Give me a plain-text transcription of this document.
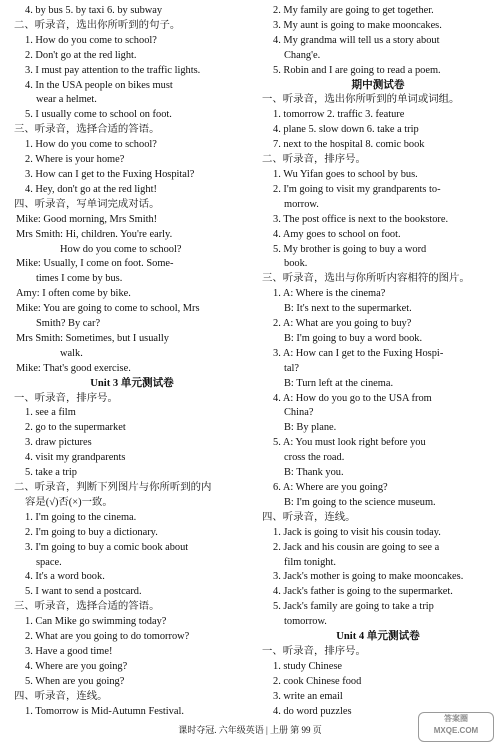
4. by bus 5. by taxi 6. by subway
二、听录音，选出你所听到的句子。
1. How do you come to school?
2. Don't go at the red light.
3. I must pay attention to the traffic lights.
4. In the USA people on bikes must
wear a helmet.
5. I usually come to school on foot.
三、听录音，选择合适的答语。
1. How do you come to school?
2. Where is your home?
3. How can I get to the Fuxing Hospital?
4. Hey, don't go at the red light!
四、听录音，写单词完成对话。
Mike: Good morning, Mrs Smith!
Mrs Smith: Hi, children. You're early.
How do you come to school?
Mike: Usually, I come on foot. Some-
times I come by bus.
Amy: I often come by bike.
Mike: You are going to come to school, Mrs
Smith? By car?
Mrs Smith: Sometimes, but I usually
walk.
Mike: That's good exercise.
Unit 3 单元测试卷
一、听录音，排序号。
1. see a film
2. go to the supermarket
3. draw pictures
4. visit my grandparents
5. take a trip
二、听录音，判断下列图片与你所听到的内
容是(√)否(×)一致。
1. I'm going to the cinema.
2. I'm going to buy a dictionary.
3. I'm going to buy a comic book about
space.
4. It's a word book.
5. I want to send a postcard.
三、听录音，选择合适的答语。
1. Can Mike go swimming today?
2. What are you going to do tomorrow?
3. Have a good time!
4. Where are you going?
5. When are you going?
四、听录音，连线。
1. Tomorrow is Mid-Autumn Festival.
2. My family are going to get together.
3. My aunt is going to make mooncakes.
4. My grandma will tell us a story about
Chang'e.
5. Robin and I are going to read a poem.
期中测试卷
一、听录音，选出你所听到的单词或词组。
1. tomorrow 2. traffic 3. feature
4. plane 5. slow down 6. take a trip
7. next to the hospital 8. comic book
二、听录音，排序号。
1. Wu Yifan goes to school by bus.
2. I'm going to visit my grandparents to-
morrow.
3. The post office is next to the bookstore.
4. Amy goes to school on foot.
5. My brother is going to buy a word
book.
三、听录音，选出与你所听内容相符的图片。
1. A: Where is the cinema?
B: It's next to the supermarket.
2. A: What are you going to buy?
B: I'm going to buy a word book.
3. A: How can I get to the Fuxing Hospi-
tal?
B: Turn left at the cinema.
4. A: How do you go to the USA from
China?
B: By plane.
5. A: You must look right before you
cross the road.
B: Thank you.
6. A: Where are you going?
B: I'm going to the science museum.
四、听录音，连线。
1. Jack is going to visit his cousin today.
2. Jack and his cousin are going to see a
film tonight.
3. Jack's mother is going to make mooncakes.
4. Jack's father is going to the supermarket.
5. Jack's family are going to take a trip
tomorrow.
Unit 4 单元测试卷
一、听录音，排序号。
1. study Chinese
2. cook Chinese food
3. write an email
4. do word puzzles
课时夺冠. 六年级英语 | 上册 第 99 页
答案圈
MXQE.COM
